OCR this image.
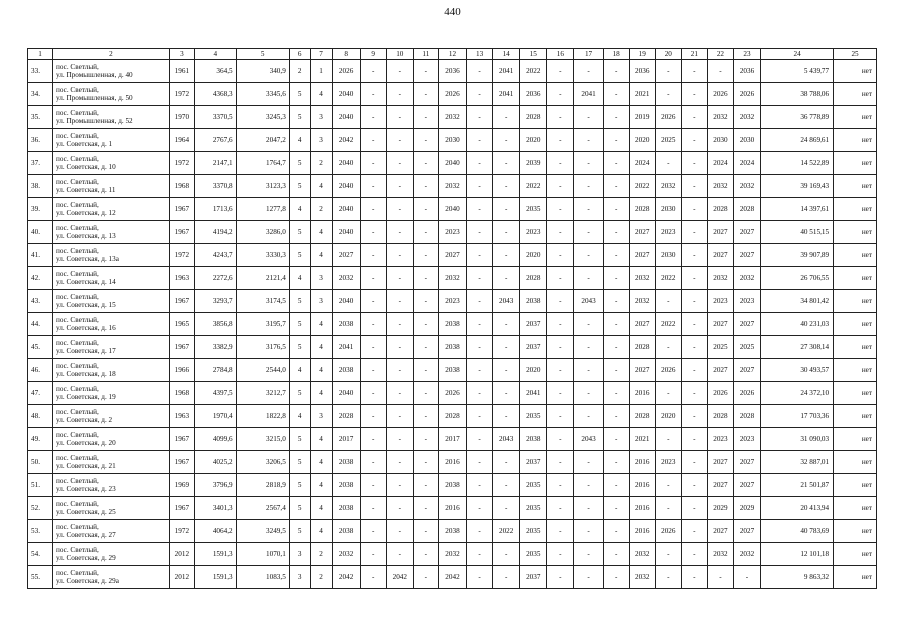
440
1	2	3	4	5	6	7	8	9	10	11	12	13	14	15	16	17	18	19	20	21	22	23	24	25
33.	пос. Светлый,
ул. Промышленная, д. 40	1961	364,5	340,9	2	1	2026	-	-	-	2036	-	2041	2022	-	-	-	2036	-	-	-	2036	5 439,77	нет
34.	пос. Светлый,
ул. Промышленная, д. 50	1972	4368,3	3345,6	5	4	2040	-	-	-	2026	-	2041	2036	-	2041	-	2021	-	-	2026	2026	38 788,06	нет
35.	пос. Светлый,
ул. Промышленная, д. 52	1970	3370,5	3245,3	5	3	2040	-	-	-	2032	-	-	2028	-	-	-	2019	2026	-	2032	2032	36 778,89	нет
36.	пос. Светлый,
ул. Советская, д. 1	1964	2767,6	2047,2	4	3	2042	-	-	-	2030	-	-	2020	-	-	-	2020	2025	-	2030	2030	24 869,61	нет
37.	пос. Светлый,
ул. Советская, д. 10	1972	2147,1	1764,7	5	2	2040	-	-	-	2040	-	-	2039	-	-	-	2024	-	-	2024	2024	14 522,89	нет
38.	пос. Светлый,
ул. Советская, д. 11	1968	3370,8	3123,3	5	4	2040	-	-	-	2032	-	-	2022	-	-	-	2022	2032	-	2032	2032	39 169,43	нет
39.	пос. Светлый,
ул. Советская, д. 12	1967	1713,6	1277,8	4	2	2040	-	-	-	2040	-	-	2035	-	-	-	2028	2030	-	2028	2028	14 397,61	нет
40.	пос. Светлый,
ул. Советская, д. 13	1967	4194,2	3286,0	5	4	2040	-	-	-	2023	-	-	2023	-	-	-	2027	2023	-	2027	2027	40 515,15	нет
41.	пос. Светлый,
ул. Советская, д. 13а	1972	4243,7	3330,3	5	4	2027	-	-	-	2027	-	-	2020	-	-	-	2027	2030	-	2027	2027	39 907,89	нет
42.	пос. Светлый,
ул. Советская, д. 14	1963	2272,6	2121,4	4	3	2032	-	-	-	2032	-	-	2028	-	-	-	2032	2022	-	2032	2032	26 706,55	нет
43.	пос. Светлый,
ул. Советская, д. 15	1967	3293,7	3174,5	5	3	2040	-	-	-	2023	-	2043	2038	-	2043	-	2032	-	-	2023	2023	34 801,42	нет
44.	пос. Светлый,
ул. Советская, д. 16	1965	3856,8	3195,7	5	4	2038	-	-	-	2038	-	-	2037	-	-	-	2027	2022	-	2027	2027	40 231,03	нет
45.	пос. Светлый,
ул. Советская, д. 17	1967	3382,9	3176,5	5	4	2041	-	-	-	2038	-	-	2037	-	-	-	2028	-	-	2025	2025	27 308,14	нет
46.	пос. Светлый,
ул. Советская, д. 18	1966	2784,8	2544,0	4	4	2038	-	-	-	2038	-	-	2020	-	-	-	2027	2026	-	2027	2027	30 493,57	нет
47.	пос. Светлый,
ул. Советская, д. 19	1968	4397,5	3212,7	5	4	2040	-	-	-	2026	-	-	2041	-	-	-	2016	-	-	2026	2026	24 372,10	нет
48.	пос. Светлый,
ул. Советская, д. 2	1963	1970,4	1822,8	4	3	2028	-	-	-	2028	-	-	2035	-	-	-	2028	2020	-	2028	2028	17 703,36	нет
49.	пос. Светлый,
ул. Советская, д. 20	1967	4099,6	3215,0	5	4	2017	-	-	-	2017	-	2043	2038	-	2043	-	2021	-	-	2023	2023	31 090,03	нет
50.	пос. Светлый,
ул. Советская, д. 21	1967	4025,2	3206,5	5	4	2038	-	-	-	2016	-	-	2037	-	-	-	2016	2023	-	2027	2027	32 887,01	нет
51.	пос. Светлый,
ул. Советская, д. 23	1969	3796,9	2818,9	5	4	2038	-	-	-	2038	-	-	2035	-	-	-	2016	-	-	2027	2027	21 501,87	нет
52.	пос. Светлый,
ул. Советская, д. 25	1967	3401,3	2567,4	5	4	2038	-	-	-	2016	-	-	2035	-	-	-	2016	-	-	2029	2029	20 413,94	нет
53.	пос. Светлый,
ул. Советская, д. 27	1972	4064,2	3249,5	5	4	2038	-	-	-	2038	-	2022	2035	-	-	-	2016	2026	-	2027	2027	40 783,69	нет
54.	пос. Светлый,
ул. Советская, д. 29	2012	1591,3	1070,1	3	2	2032	-	-	-	2032	-	-	2035	-	-	-	2032	-	-	2032	2032	12 101,18	нет
55.	пос. Светлый,
ул. Советская, д. 29а	2012	1591,3	1083,5	3	2	2042	-	2042	-	2042	-	-	2037	-	-	-	2032	-	-	-	-	9 863,32	нет
